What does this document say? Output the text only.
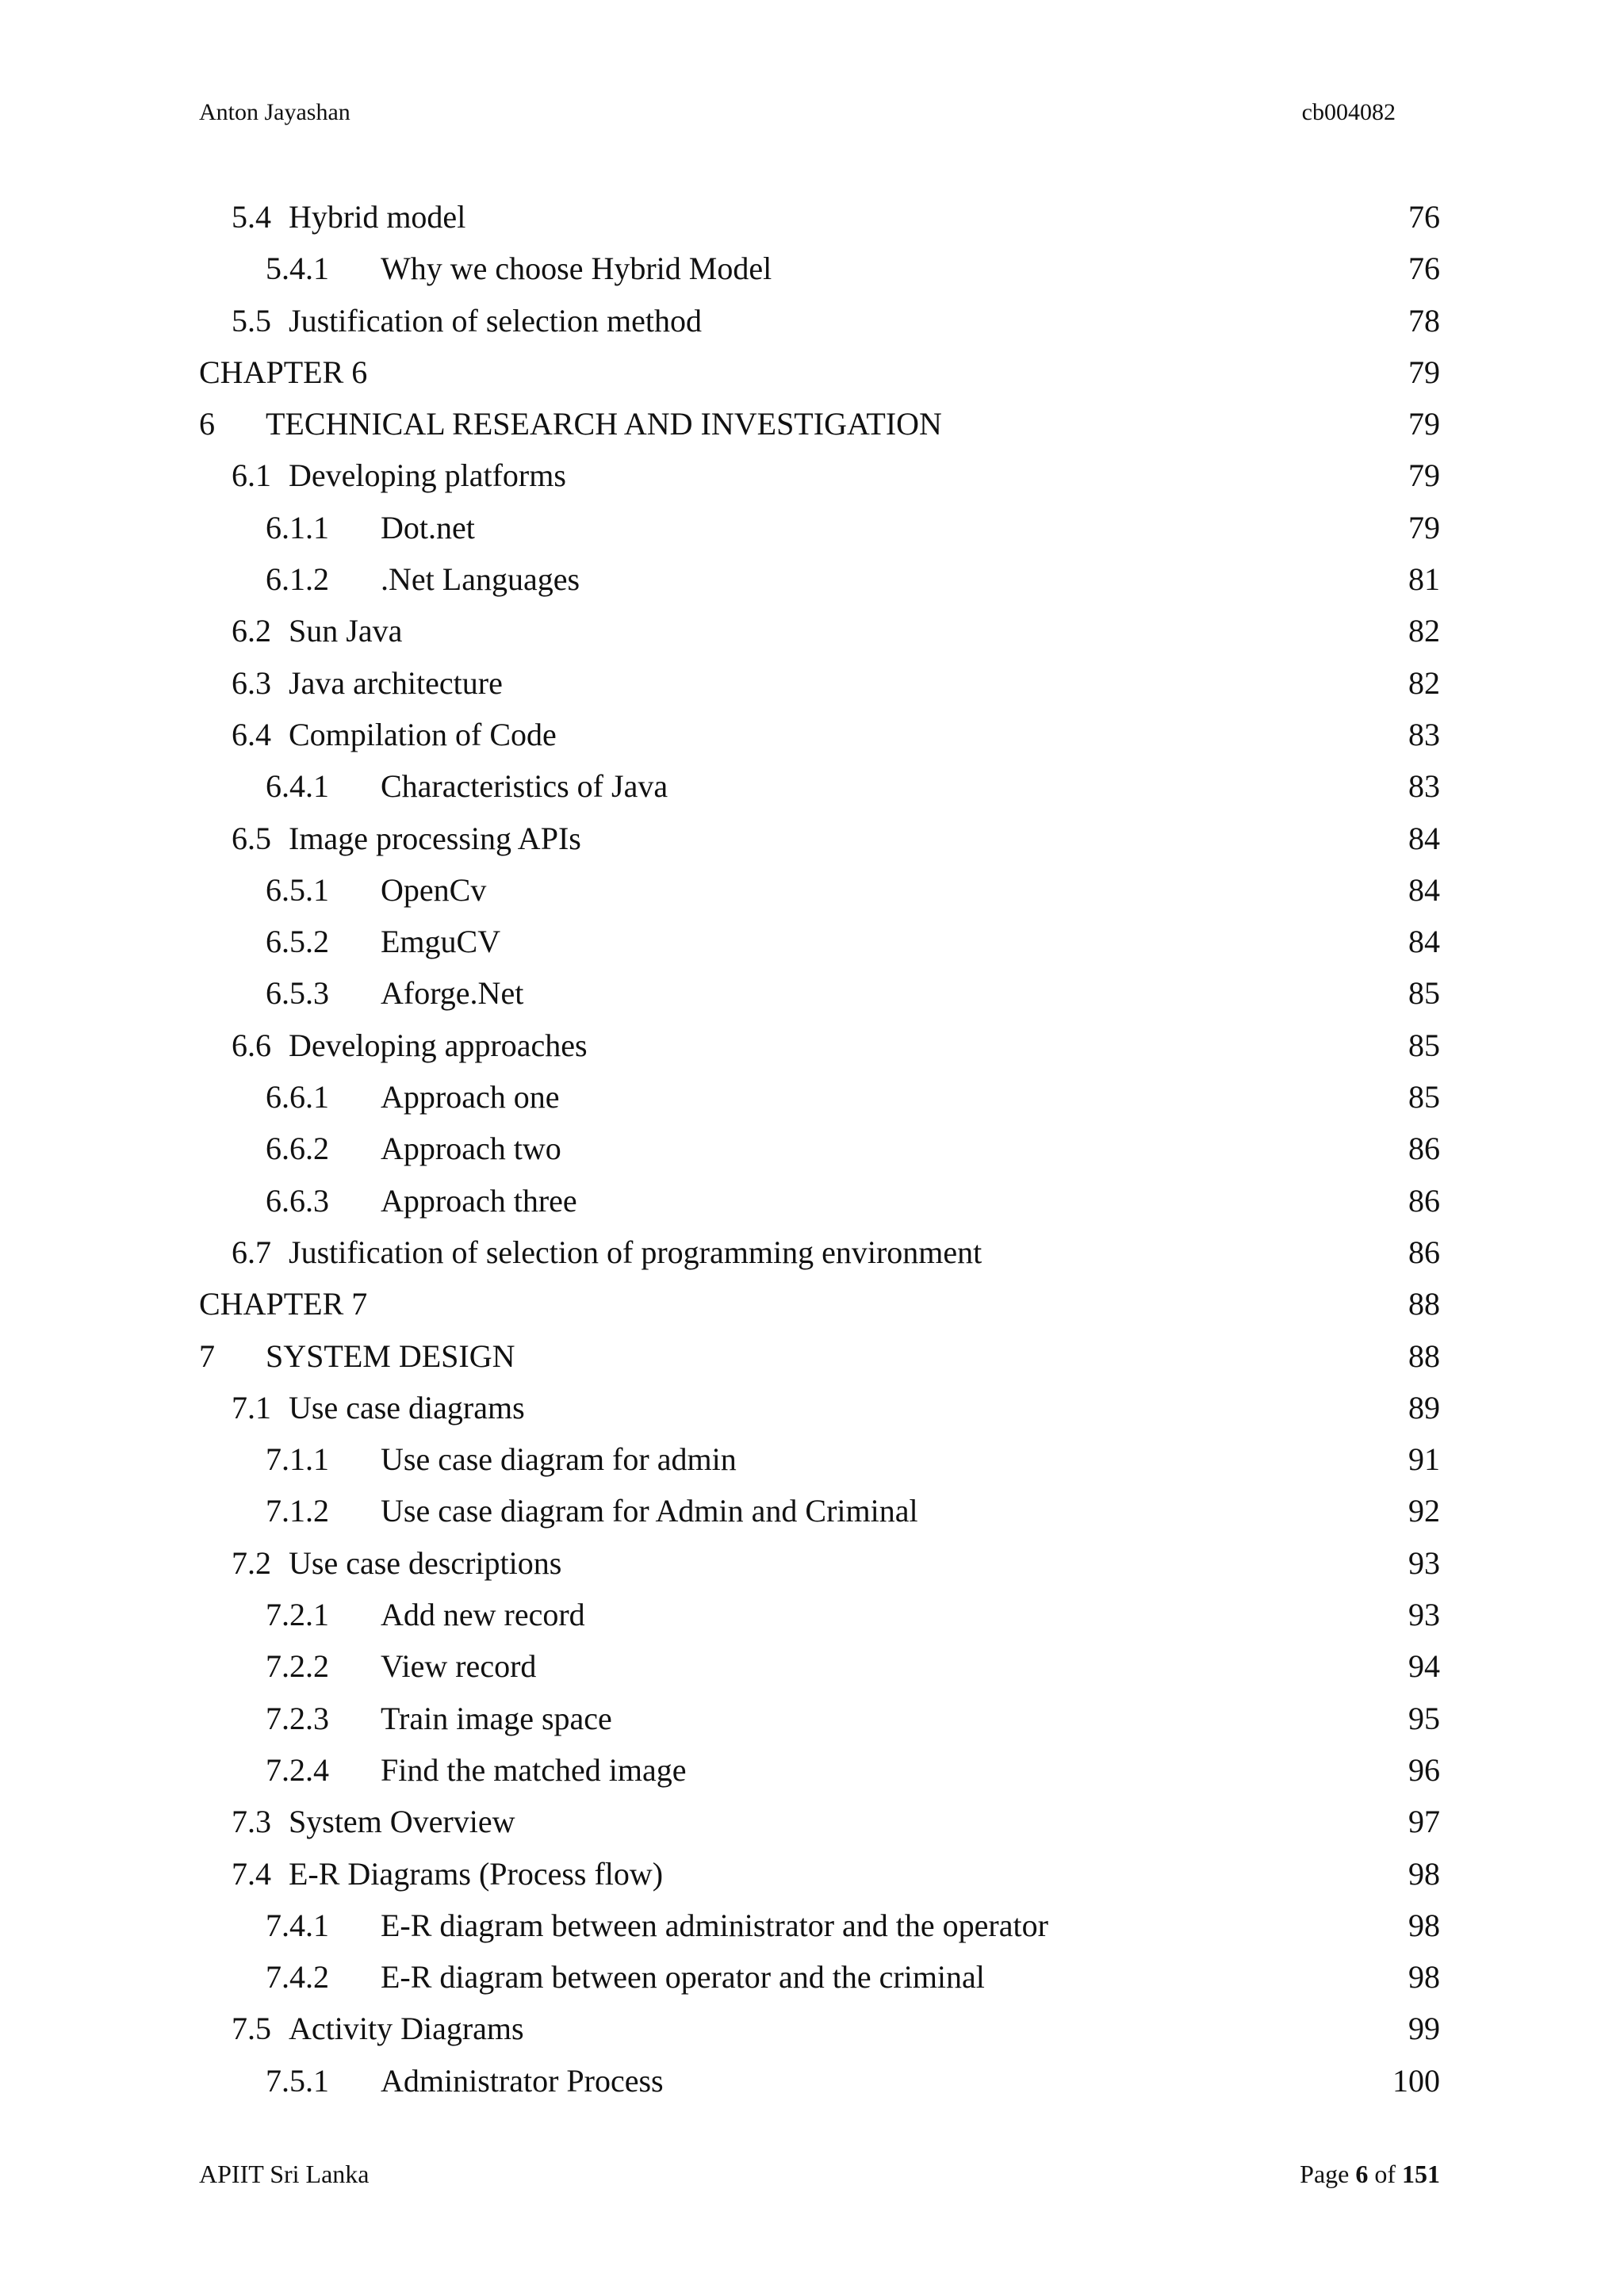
Anton Jayashan	cb004082
5.4 Hybrid model	76
5.4.1	Why we choose Hybrid Model	76
5.5 Justification of selection method	78
CHAPTER 6	79
6	TECHNICAL RESEARCH AND INVESTIGATION	79
6.1 Developing platforms	79
6.1.1	Dot.net	79
6.1.2	.Net Languages	81
6.2 Sun Java	82
6.3 Java architecture	82
6.4 Compilation of Code	83
6.4.1	Characteristics of Java	83
6.5 Image processing APIs	84
6.5.1	OpenCv	84
6.5.2	EmguCV	84
6.5.3	Aforge.Net	85
6.6 Developing approaches	85
6.6.1	Approach one	85
6.6.2	Approach two	86
6.6.3	Approach three	86
6.7 Justification of selection of programming environment	86
CHAPTER 7	88
7	SYSTEM DESIGN	88
7.1 Use case diagrams	89
7.1.1	Use case diagram for admin	91
7.1.2	Use case diagram for Admin and Criminal	92
7.2 Use case descriptions	93
7.2.1	Add new record	93
7.2.2	View record	94
7.2.3	Train image space	95
7.2.4	Find the matched image	96
7.3 System Overview	97
7.4 E-R Diagrams (Process flow)	98
7.4.1	E-R diagram between administrator and the operator	98
7.4.2	E-R diagram between operator and the criminal	98
7.5 Activity Diagrams	99
7.5.1	Administrator Process	100
APIIT Sri Lanka	Page 6 of 151
